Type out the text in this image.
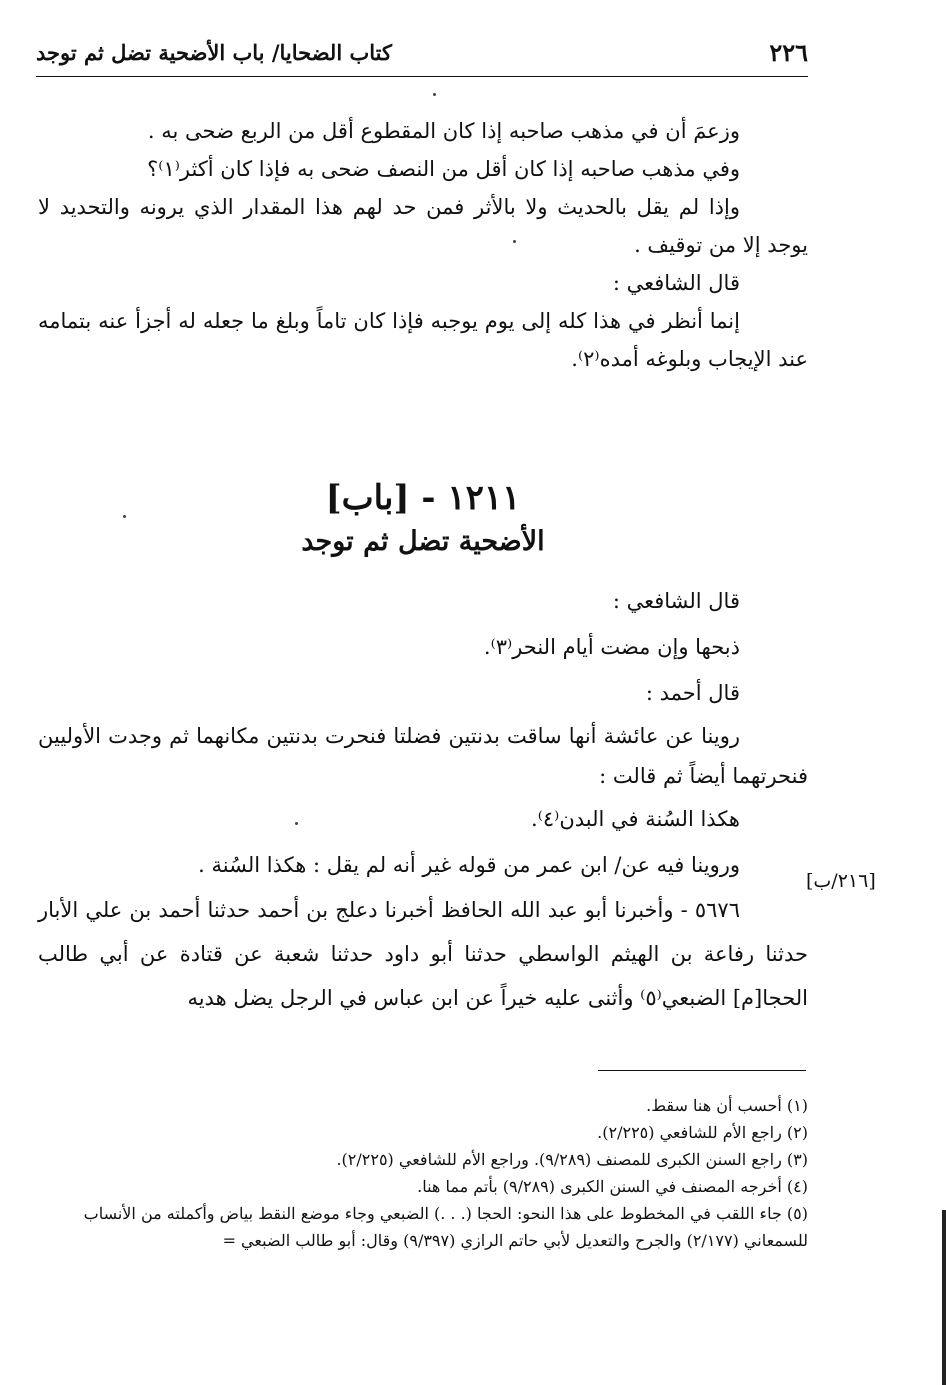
٢٢٦
كتاب الضحايا/ باب الأضحية تضل ثم توجد

وزعمَ أن في مذهب صاحبه إذا كان المقطوع أقل من الربع ضحى به .

وفي مذهب صاحبه إذا كان أقل من النصف ضحى به فإذا كان أكثر⁽١⁾؟

وإذا لم يقل بالحديث ولا بالأثر فمن حد لهم هذا المقدار الذي يرونه والتحديد لا يوجد إلا من توقيف .

قال الشافعي :

إنما أنظر في هذا كله إلى يوم يوجبه فإذا كان تاماً وبلغ ما جعله له أجزأ عنه بتمامه عند الإيجاب وبلوغه أمده⁽٢⁾.

١٢١١ - [باب]

الأضحية تضل ثم توجد

قال الشافعي :

ذبحها وإن مضت أيام النحر⁽٣⁾.

قال أحمد :

روينا عن عائشة أنها ساقت بدنتين فضلتا فنحرت بدنتين مكانهما ثم وجدت الأوليين فنحرتهما أيضاً ثم قالت :

هكذا السُنة في البدن⁽٤⁾.

وروينا فيه عن/ ابن عمر من قوله غير أنه لم يقل : هكذا السُنة .

٥٦٧٦ - وأخبرنا أبو عبد الله الحافظ أخبرنا دعلج بن أحمد حدثنا أحمد بن علي الأبار حدثنا رفاعة بن الهيثم الواسطي حدثنا أبو داود حدثنا شعبة عن قتادة عن أبي طالب الحجا[م] الضبعي⁽٥⁾ وأثنى عليه خيراً عن ابن عباس في الرجل يضل هديه

[٢١٦/ب]

(١) أحسب أن هنا سقط.

(٢) راجع الأم للشافعي (٢/٢٢٥).

(٣) راجع السنن الكبرى للمصنف (٩/٢٨٩). وراجع الأم للشافعي (٢/٢٢٥).

(٤) أخرجه المصنف في السنن الكبرى (٩/٢٨٩) بأتم مما هنا.

(٥) جاء اللقب في المخطوط على هذا النحو: الحجا (. . .) الضبعي وجاء موضع النقط بياض وأكملته من الأنساب للسمعاني (٢/١٧٧) والجرح والتعديل لأبي حاتم الرازي (٩/٣٩٧) وقال: أبو طالب الضبعي =
